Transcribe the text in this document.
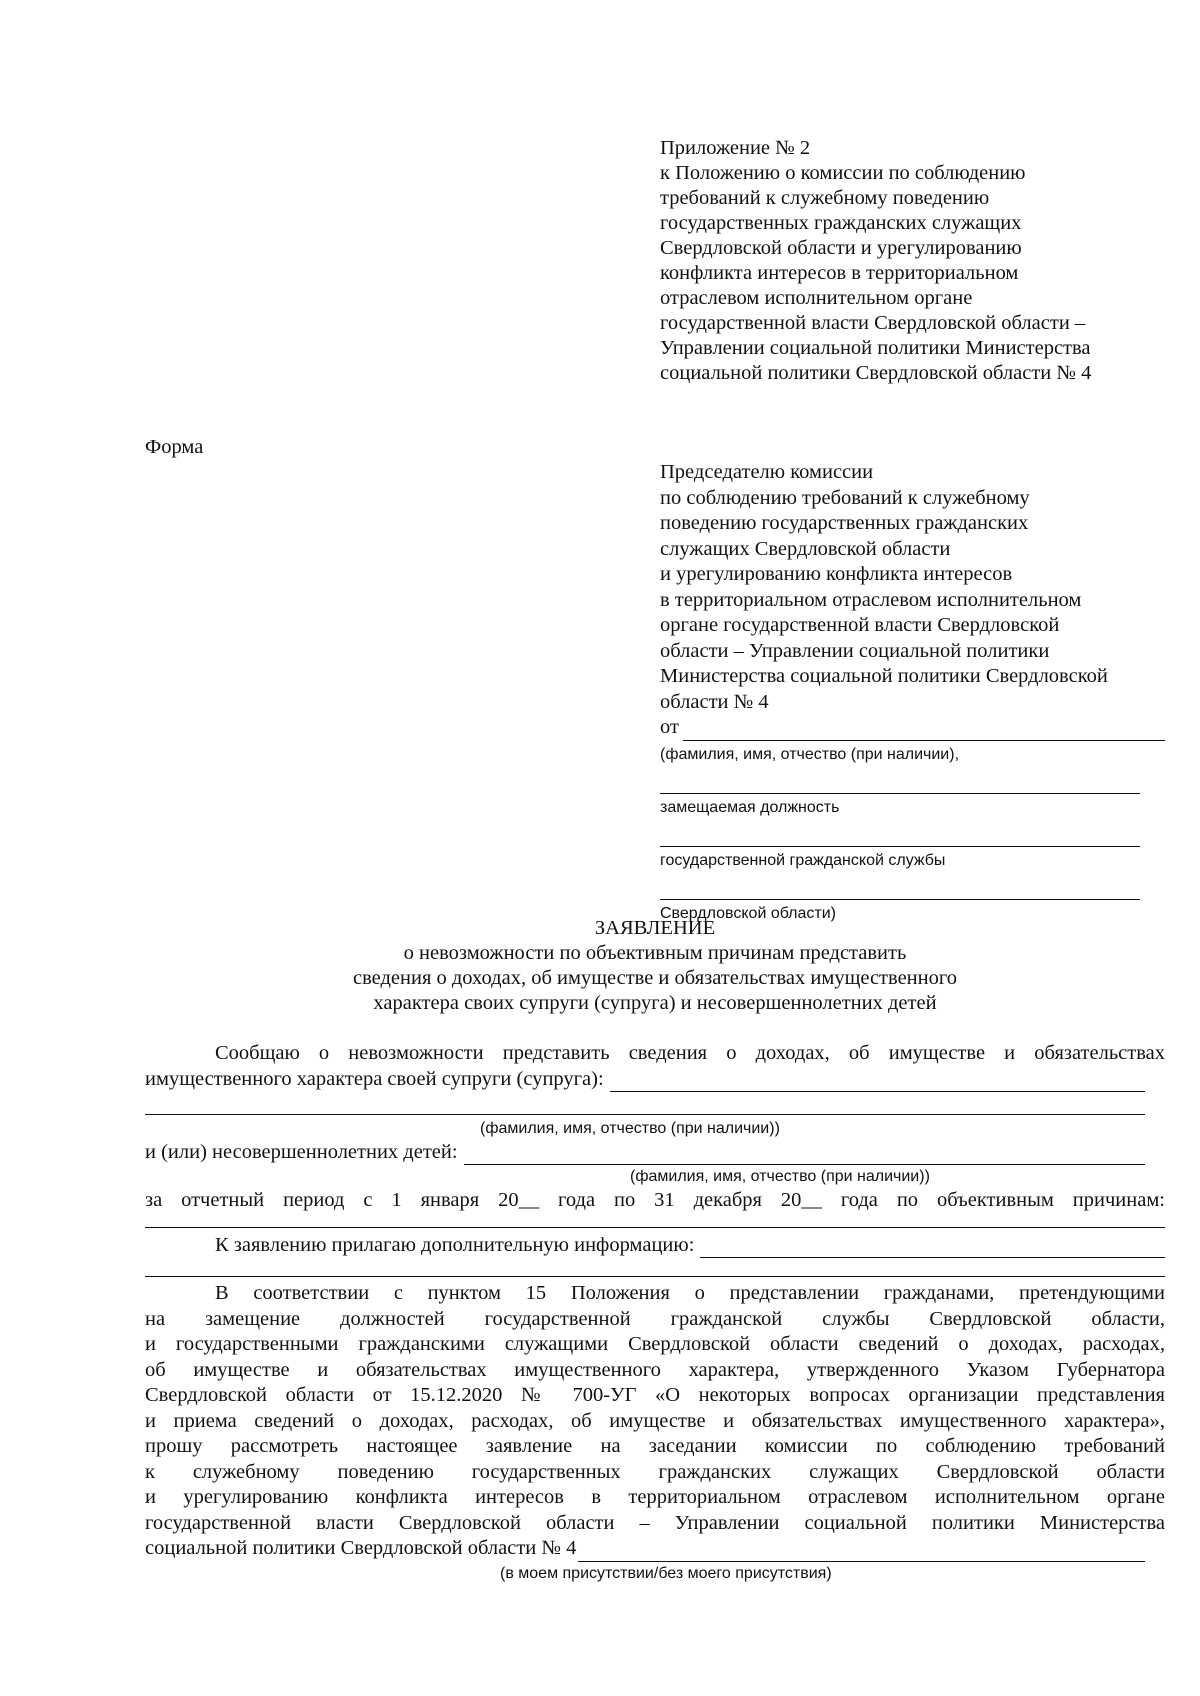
Приложение № 2
к Положению о комиссии по соблюдению
требований к служебному поведению
государственных гражданских служащих
Свердловской области и урегулированию
конфликта интересов в территориальном
отраслевом исполнительном органе
государственной власти Свердловской области –
Управлении социальной политики Министерства
социальной политики Свердловской области № 4
Форма
Председателю комиссии
по соблюдению требований к служебному
поведению государственных гражданских
служащих Свердловской области
и урегулированию конфликта интересов
в территориальном отраслевом исполнительном
органе государственной власти Свердловской
области – Управлении социальной политики
Министерства социальной политики Свердловской
области № 4
от
(фамилия, имя, отчество (при наличии),
замещаемая должность
государственной гражданской службы
Свердловской области)
ЗАЯВЛЕНИЕ
о невозможности по объективным причинам представить
сведения о доходах, об имуществе и обязательствах имущественного
характера своих супруги (супруга) и несовершеннолетних детей
Сообщаю о невозможности представить сведения о доходах, об имуществе и обязательствах
имущественного характера своей супруги (супруга):
(фамилия, имя, отчество (при наличии))
и (или) несовершеннолетних детей:
(фамилия, имя, отчество (при наличии))
за отчетный период с 1 января 20__ года по 31 декабря 20__ года по объективным причинам:
К заявлению прилагаю дополнительную информацию:
В соответствии с пунктом 15 Положения о представлении гражданами, претендующими
на замещение должностей государственной гражданской службы Свердловской области,
и государственными гражданскими служащими Свердловской области сведений о доходах, расходах,
об имуществе и обязательствах имущественного характера, утвержденного Указом Губернатора
Свердловской области от 15.12.2020 № 700-УГ «О некоторых вопросах организации представления
и приема сведений о доходах, расходах, об имуществе и обязательствах имущественного характера»,
прошу рассмотреть настоящее заявление на заседании комиссии по соблюдению требований
к служебному поведению государственных гражданских служащих Свердловской области
и урегулированию конфликта интересов в территориальном отраслевом исполнительном органе
государственной власти Свердловской области – Управлении социальной политики Министерства
социальной политики Свердловской области № 4
(в моем присутствии/без моего присутствия)
